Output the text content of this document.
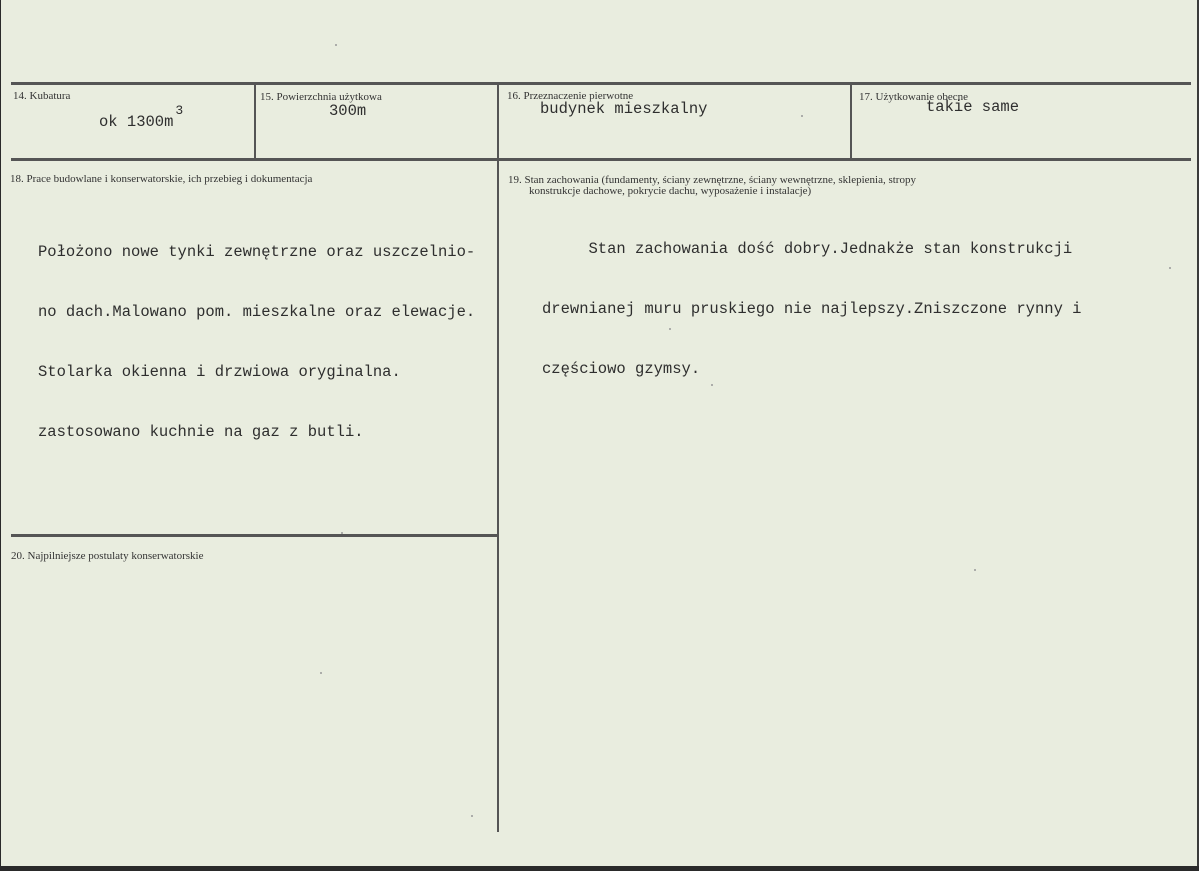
14. Kubatura
ok $1300m^3$
15. Powierzchnia użytkowa
300m
16. Przeznaczenie pierwotne
budynek mieszkalny
17. Użytkowanie obecne
takie same
18. Prace budowlane i konserwatorskie, ich przebieg i dokumentacja

Położono nowe tynki zewnętrzne oraz uszczelnio-

no dach.Malowano pom. mieszkalne oraz elewacje.

Stolarka okienna i drzwiowa oryginalna.

zastosowano kuchnie na gaz z butli.

19. Stan zachowania (fundamenty, ściany zewnętrzne, ściany wewnętrzne, sklepienia, stropy
konstrukcje dachowe, pokrycie dachu, wyposażenie i instalacje)

Stan zachowania dość dobry.Jednakże stan konstrukcji

drewnianej muru pruskiego nie najlepszy.Zniszczone rynny i

częściowo gzymsy.

20. Najpilniejsze postulaty konserwatorskie
